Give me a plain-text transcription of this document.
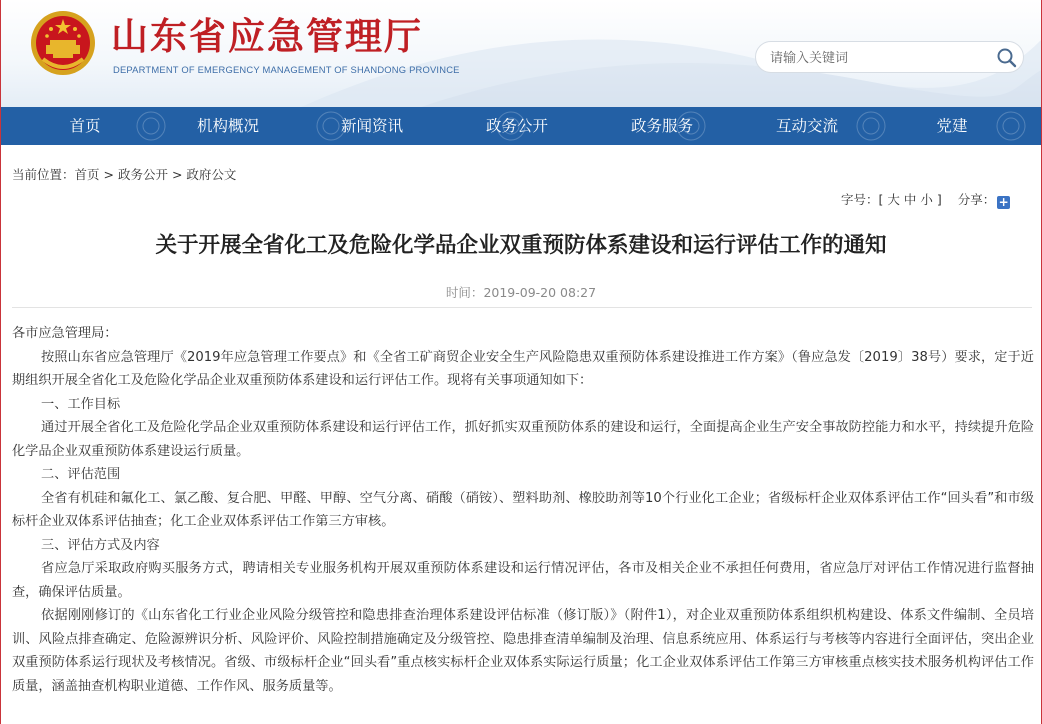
山东省应急管理厅
DEPARTMENT OF EMERGENCY MANAGEMENT OF SHANDONG PROVINCE
请输入关键词
首页	机构概况	新闻资讯	政务公开	政务服务	互动交流	党建
当前位置：首页 > 政务公开 > 政府公文
字号：[ 大 中 小 ] 分享： +
关于开展全省化工及危险化学品企业双重预防体系建设和运行评估工作的通知
时间：2019-09-20 08:27

各市应急管理局：

按照山东省应急管理厅《2019年应急管理工作要点》和《全省工矿商贸企业安全生产风险隐患双重预防体系建设推进工作方案》（鲁应急发〔2019〕38号）要求，定于近期组织开展全省化工及危险化学品企业双重预防体系建设和运行评估工作。现将有关事项通知如下：

一、工作目标

通过开展全省化工及危险化学品企业双重预防体系建设和运行评估工作，抓好抓实双重预防体系的建设和运行，全面提高企业生产安全事故防控能力和水平，持续提升危险化学品企业双重预防体系建设运行质量。

二、评估范围

全省有机硅和氟化工、氯乙酸、复合肥、甲醛、甲醇、空气分离、硝酸（硝铵）、塑料助剂、橡胶助剂等10个行业化工企业；省级标杆企业双体系评估工作“回头看”和市级标杆企业双体系评估抽查；化工企业双体系评估工作第三方审核。

三、评估方式及内容

省应急厅采取政府购买服务方式，聘请相关专业服务机构开展双重预防体系建设和运行情况评估，各市及相关企业不承担任何费用，省应急厅对评估工作情况进行监督抽查，确保评估质量。

依据刚刚修订的《山东省化工行业企业风险分级管控和隐患排查治理体系建设评估标准（修订版）》（附件1），对企业双重预防体系组织机构建设、体系文件编制、全员培训、风险点排查确定、危险源辨识分析、风险评价、风险控制措施确定及分级管控、隐患排查清单编制及治理、信息系统应用、体系运行与考核等内容进行全面评估，突出企业双重预防体系运行现状及考核情况。省级、市级标杆企业“回头看”重点核实标杆企业双体系实际运行质量；化工企业双体系评估工作第三方审核重点核实技术服务机构评估工作质量，涵盖抽查机构职业道德、工作作风、服务质量等。
